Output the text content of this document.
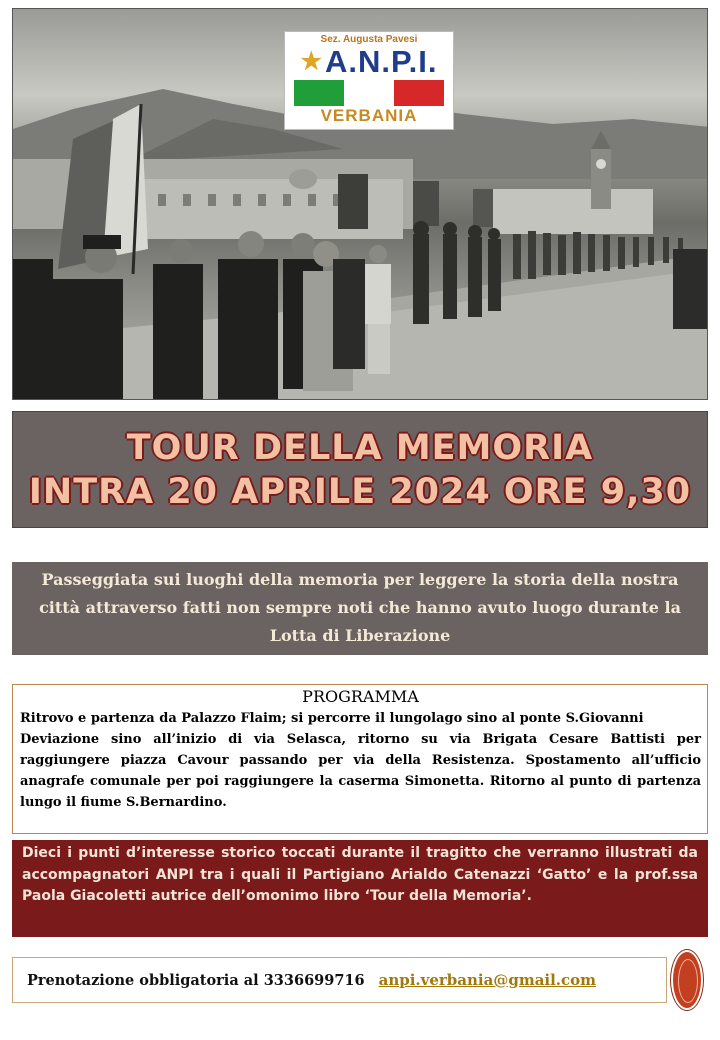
Sez. Augusta Pavesi
★A.N.P.I.
VERBANIA
TOUR DELLA MEMORIA
INTRA 20 APRILE 2024 ORE 9,30
Passeggiata sui luoghi della memoria per leggere la storia della nostra città attraverso fatti non sempre noti che hanno avuto luogo durante la Lotta di Liberazione
PROGRAMMA

Ritrovo e partenza da Palazzo Flaim; si percorre il lungolago sino al ponte S.Giovanni

Deviazione sino all’inizio di via Selasca, ritorno su via Brigata Cesare Battisti per raggiungere piazza Cavour passando per via della Resistenza. Spostamento all’ufficio anagrafe comunale per poi raggiungere la caserma Simonetta. Ritorno al punto di partenza lungo il fiume S.Bernardino.

Dieci i punti d’interesse storico toccati durante il tragitto che verranno illustrati da accompagnatori ANPI tra i quali il Partigiano Arialdo Catenazzi ‘Gatto’ e la prof.ssa Paola Giacoletti autrice dell’omonimo libro ‘Tour della Memoria’.
Prenotazione obbligatoria al 3336699716 anpi.verbania@gmail.com
